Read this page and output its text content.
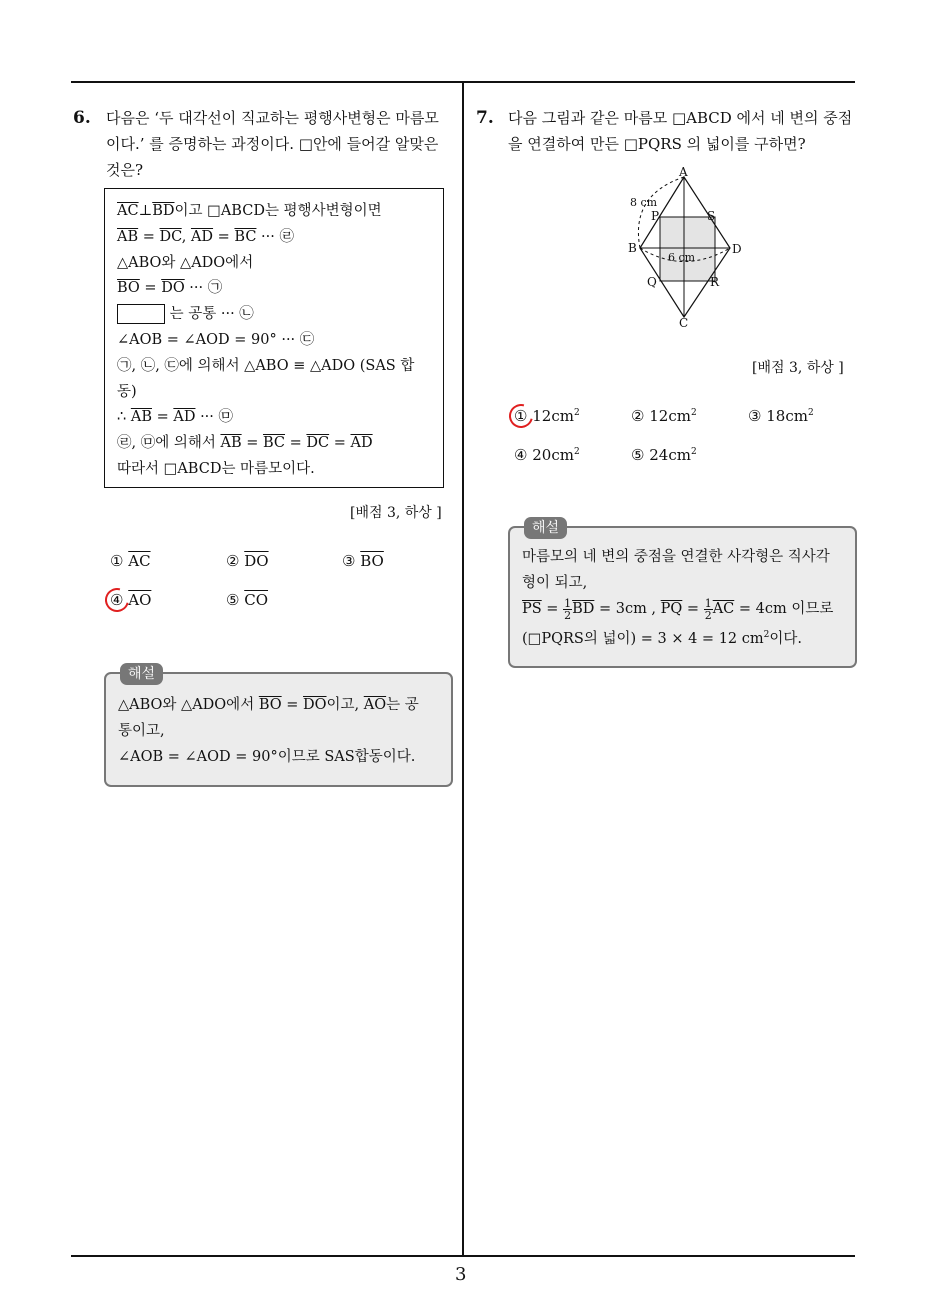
3
6. 다음은 ‘두 대각선이 직교하는 평행사변형은 마름모
이다.’ 를 증명하는 과정이다. □안에 들어갈 알맞은
것은?
$\overline{AC}\perp\overline{BD}$이고 □ABCD는 평행사변형이면
$\overline{AB} = \overline{DC}$, $\overline{AD} = \overline{BC}$ ··· ㉣
△ABO와 △ADO에서
$\overline{BO} = \overline{DO}$ ··· ㉠
는 공통 ··· ㉡
∠AOB = ∠AOD = 90° ··· ㉢
㉠, ㉡, ㉢에 의해서 △ABO ≡ △ADO (SAS 합
동)
∴ $\overline{AB} = \overline{AD}$ ··· ㉤
㉣, ㉤에 의해서 $\overline{AB} = \overline{BC} = \overline{DC} = \overline{AD}$
따라서 □ABCD는 마름모이다.
[배점 3, 하상 ]
① $\overline{AC}$	② $\overline{DO}$	③ $\overline{BO}$
④ $\overline{AO}$	⑤ $\overline{CO}$
해설
△ABO와 △ADO에서 $\overline{BO} = \overline{DO}$이고, $\overline{AO}$는 공
통이고,
∠AOB = ∠AOD = 90°이므로 SAS합동이다.
7. 다음 그림과 같은 마름모 □ABCD 에서 네 변의 중점
을 연결하여 만든 □PQRS 의 넓이를 구하면?
A
B
C
D
P	S
Q	R
8 cm
6 cm
[배점 3, 하상 ]
① $12cm^2$	② $12cm^2$	③ $18cm^2$
④ $20cm^2$	⑤ $24cm^2$
해설
마름모의 네 변의 중점을 연결한 사각형은 직사각
형이 되고,
$\overline{PS} = \frac{1}{2} \overline{BD} = 3cm$ , $\overline{PQ} = \frac{1}{2} \overline{AC} = 4cm$ 이므로
(□PQRS의 넓이) = 3 × 4 = 12 $cm^2$이다.
